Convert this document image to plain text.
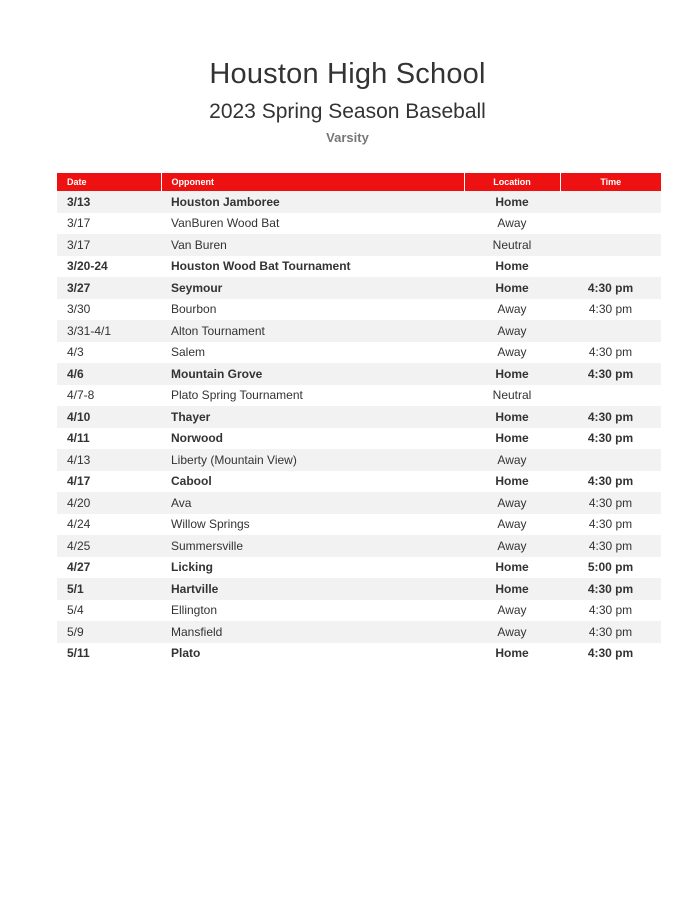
Houston High School
2023 Spring Season Baseball
Varsity
Date	Opponent	Location	Time
3/13	Houston Jamboree	Home	
3/17	VanBuren Wood Bat	Away	
3/17	Van Buren	Neutral	
3/20-24	Houston Wood Bat Tournament	Home	
3/27	Seymour	Home	4:30 pm
3/30	Bourbon	Away	4:30 pm
3/31-4/1	Alton Tournament	Away	
4/3	Salem	Away	4:30 pm
4/6	Mountain Grove	Home	4:30 pm
4/7-8	Plato Spring Tournament	Neutral	
4/10	Thayer	Home	4:30 pm
4/11	Norwood	Home	4:30 pm
4/13	Liberty (Mountain View)	Away	
4/17	Cabool	Home	4:30 pm
4/20	Ava	Away	4:30 pm
4/24	Willow Springs	Away	4:30 pm
4/25	Summersville	Away	4:30 pm
4/27	Licking	Home	5:00 pm
5/1	Hartville	Home	4:30 pm
5/4	Ellington	Away	4:30 pm
5/9	Mansfield	Away	4:30 pm
5/11	Plato	Home	4:30 pm
